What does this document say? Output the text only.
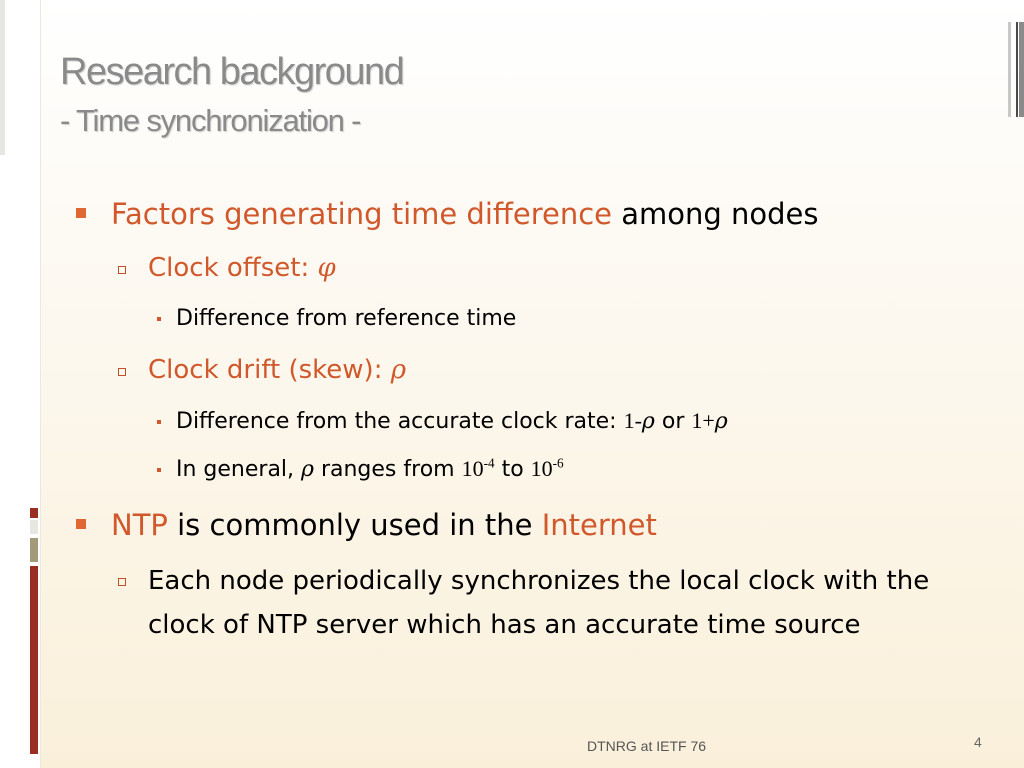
Research background
- Time synchronization -
Factors generating time difference among nodes
Clock offset: φ
Difference from reference time
Clock drift (skew): ρ
Difference from the accurate clock rate: 1-ρ or 1+ρ
In general, ρ ranges from $10^{-4}$ to $10^{-6}$
NTP is commonly used in the Internet
Each node periodically synchronizes the local clock with the clock of NTP server which has an accurate time source
DTNRG at IETF 76	4
